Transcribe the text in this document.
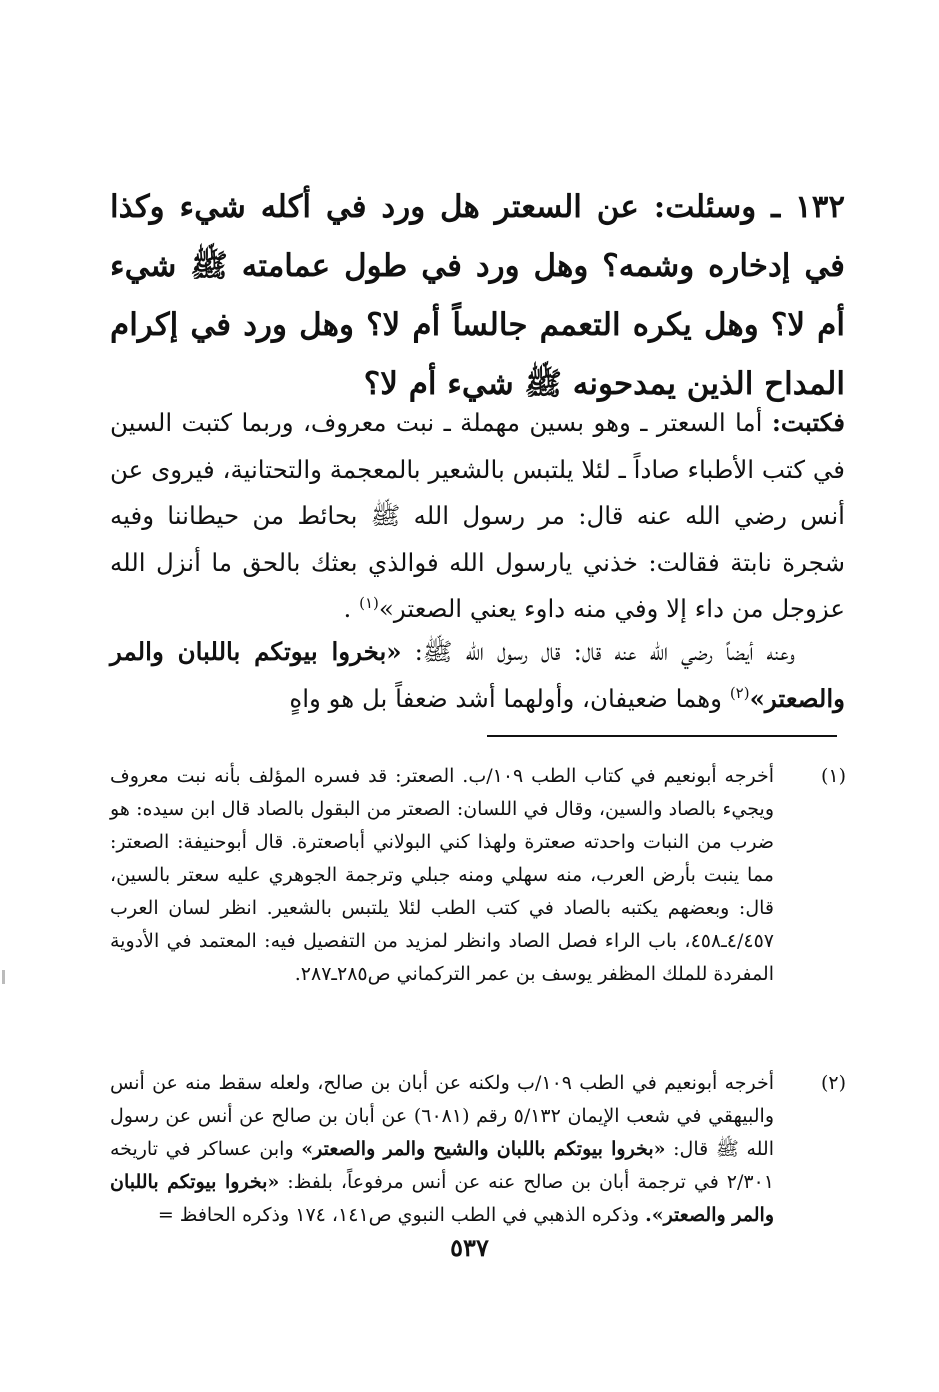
١٣٢ ـ وسئلت: عن السعتر هل ورد في أكله شيء وكذا في إدخاره وشمه؟ وهل ورد في طول عمامته ﷺ شيء أم لا؟ وهل يكره التعمم جالساً أم لا؟ وهل ورد في إكرام المداح الذين يمدحونه ﷺ شيء أم لا؟
فكتبت: أما السعتر ـ وهو بسين مهملة ـ نبت معروف، وربما كتبت السين في كتب الأطباء صاداً ـ لئلا يلتبس بالشعير بالمعجمة والتحتانية، فيروى عن أنس رضي الله عنه قال: مر رسول الله ﷺ بحائط من حيطاننا وفيه شجرة نابتة فقالت: خذني يارسول الله فوالذي بعثك بالحق ما أنزل الله عزوجل من داء إلا وفي منه داوء يعني الصعتر»$^{(١)}$ .
وعنه أيضاً رضي الله عنه قال: قال رسول الله ﷺ: «بخروا بيوتكم باللبان والمر والصعتر»$^{(٢)}$ وهما ضعيفان، وأولهما أشد ضعفاً بل هو واهٍ
(١)
أخرجه أبونعيم في كتاب الطب ١٠٩/ب. الصعتر: قد فسره المؤلف بأنه نبت معروف ويجيء بالصاد والسين، وقال في اللسان: الصعتر من البقول بالصاد قال ابن سيده: هو ضرب من النبات واحدته صعترة ولهذا كني البولاني أباصعترة. قال أبوحنيفة: الصعتر: مما ينبت بأرض العرب، منه سهلي ومنه جبلي وترجمة الجوهري عليه سعتر بالسين، قال: وبعضهم يكتبه بالصاد في كتب الطب لئلا يلتبس بالشعير. انظر لسان العرب ٤/٤٥٧ـ٤٥٨، باب الراء فصل الصاد وانظر لمزيد من التفصيل فيه: المعتمد في الأدوية المفردة للملك المظفر يوسف بن عمر التركماني ص٢٨٥ـ٢٨٧.
(٢)
أخرجه أبونعيم في الطب ١٠٩/ب ولكنه عن أبان بن صالح، ولعله سقط منه عن أنس والبيهقي في شعب الإيمان ٥/١٣٢ رقم (٦٠٨١) عن أبان بن صالح عن أنس عن رسول الله ﷺ قال: «بخروا بيوتكم باللبان والشيح والمر والصعتر» وابن عساكر في تاريخه ٢/٣٠١ في ترجمة أبان بن صالح عنه عن أنس مرفوعاً، بلفظ: «بخروا بيوتكم باللبان والمر والصعتر». وذكره الذهبي في الطب النبوي ص١٤١، ١٧٤ وذكره الحافظ =
٥٣٧
